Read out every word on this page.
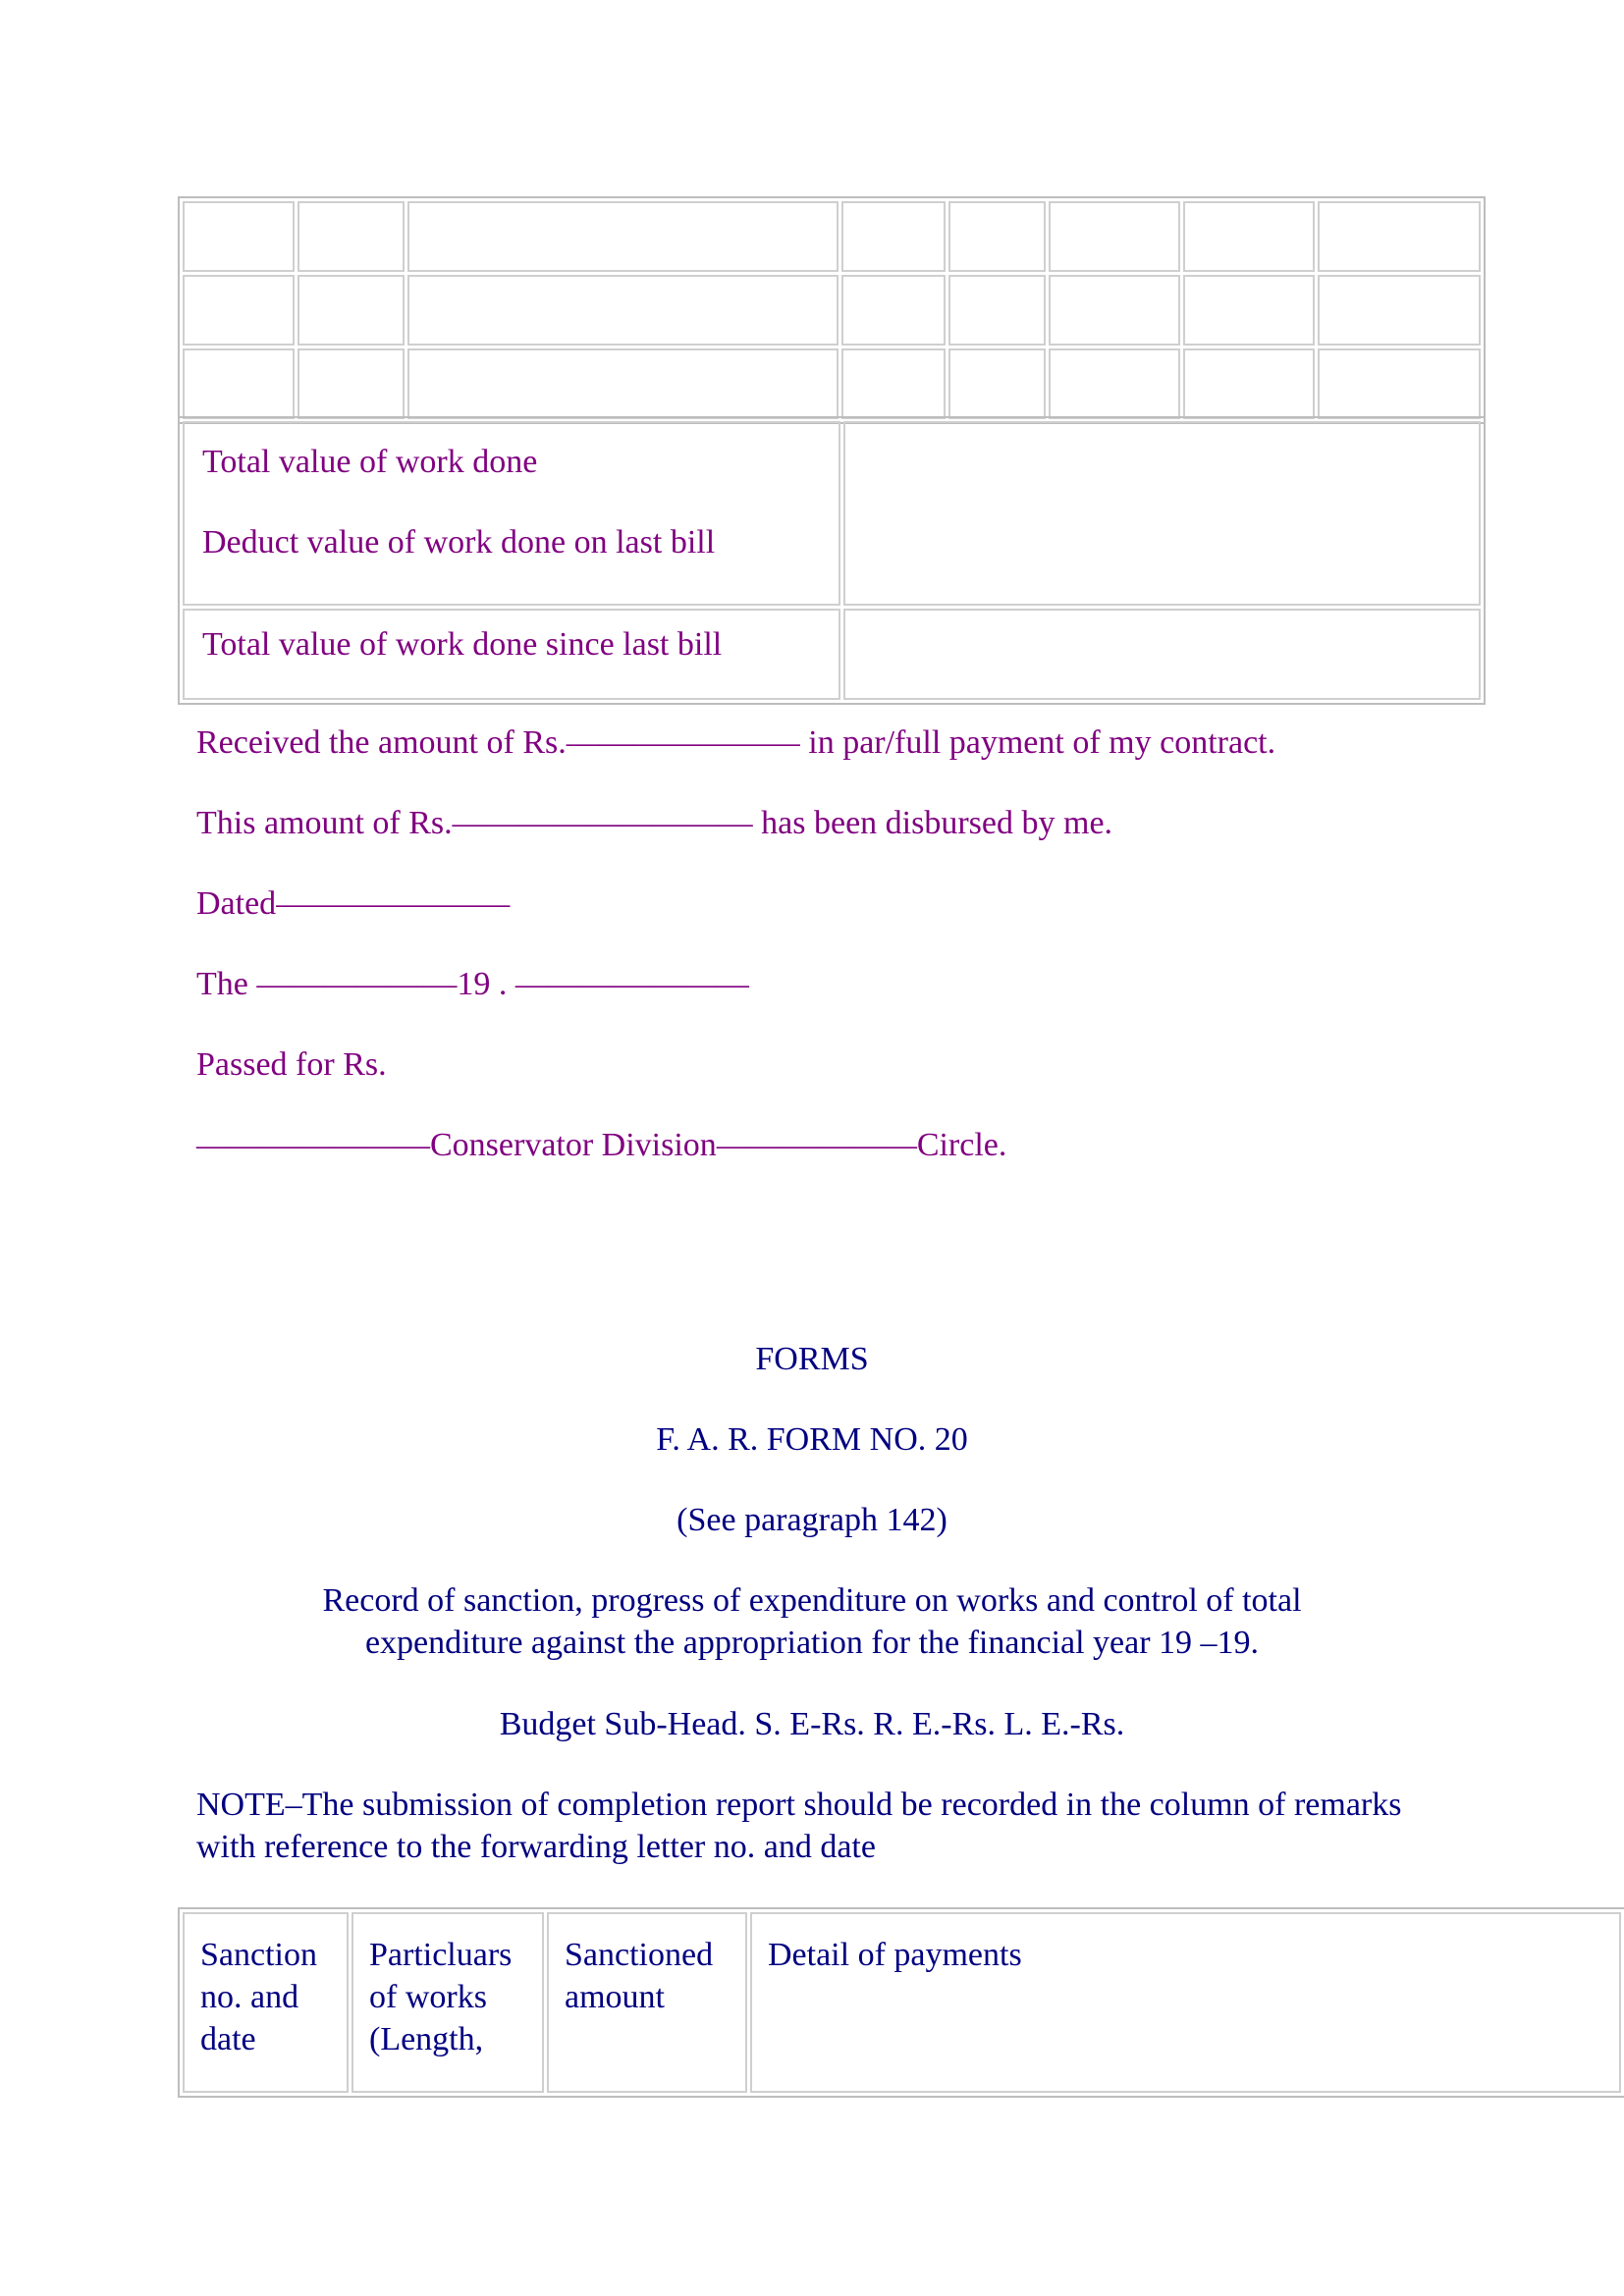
Total value of work done
Deduct value of work done on last bill	

Total value of work done since last bill	
Received the amount of Rs.——————— in par/full payment of my contract.
This amount of Rs.————————— has been disbursed by me.
Dated———————
The ——————19 . ———————
Passed for Rs.
———————Conservator Division——————Circle.
FORMS
F. A. R. FORM NO. 20
(See paragraph 142)
Record of sanction, progress of expenditure on works and control of total
expenditure against the appropriation for the financial year 19 –19.
Budget Sub-Head. S. E-Rs. R. E.-Rs. L. E.-Rs.
NOTE–The submission of completion report should be recorded in the column of remarks with reference to the forwarding letter no. and date
Sanction no. and date	Particluars of works (Length,	Sanctioned amount	Detail of payments
